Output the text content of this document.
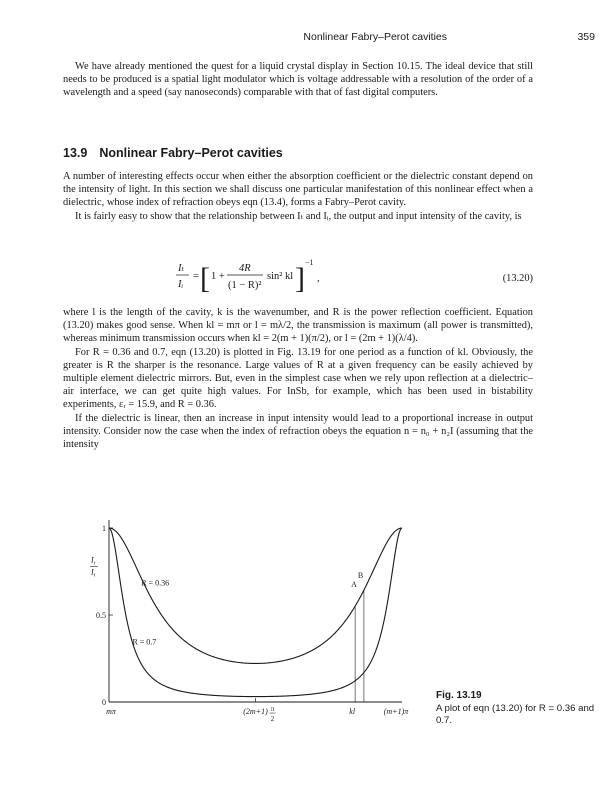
Nonlinear Fabry–Perot cavities	359

We have already mentioned the quest for a liquid crystal display in Section 10.15. The ideal device that still needs to be produced is a spatial light modulator which is voltage addressable with a resolution of the order of a wavelength and a speed (say nanoseconds) comparable with that of fast digital computers.

13.9 Nonlinear Fabry–Perot cavities

A number of interesting effects occur when either the absorption coefficient or the dielectric constant depend on the intensity of light. In this section we shall discuss one particular manifestation of this nonlinear effect when a dielectric, whose index of refraction obeys eqn (13.4), forms a Fabry–Perot cavity.

It is fairly easy to show that the relationship between Iₜ and Iᵢ, the output and input intensity of the cavity, is

Iₜ
Iᵢ
= [ 1 +
4R
(1 − R)²
sin² kl ] −1
,	(13.20)

where l is the length of the cavity, k is the wavenumber, and R is the power reflection coefficient. Equation (13.20) makes good sense. When kl = mπ or l = mλ/2, the transmission is maximum (all power is transmitted), whereas minimum transmission occurs when kl = 2(m + 1)(π/2), or l = (2m + 1)(λ/4).

For R = 0.36 and 0.7, eqn (13.20) is plotted in Fig. 13.19 for one period as a function of kl. Obviously, the greater is R the sharper is the resonance. Large values of R at a given frequency can be easily achieved by multiple element dielectric mirrors. But, even in the simplest case when we rely upon reflection at a dielectric–air interface, we can get quite high values. For InSb, for example, which has been used in bistability experiments, εᵣ = 15.9, and R = 0.36.

If the dielectric is linear, then an increase in input intensity would lead to a proportional increase in output intensity. Consider now the case when the index of refraction obeys the equation n = n₀ + n₂I (assuming that the intensity

0
0.5
1
mπ	(2m+1) π
2
kl	(m+1)π
$I_t$
$I_i$
R = 0.36
R = 0.7
B
A
Fig. 13.19
A plot of eqn (13.20) for R = 0.36 and 0.7.
